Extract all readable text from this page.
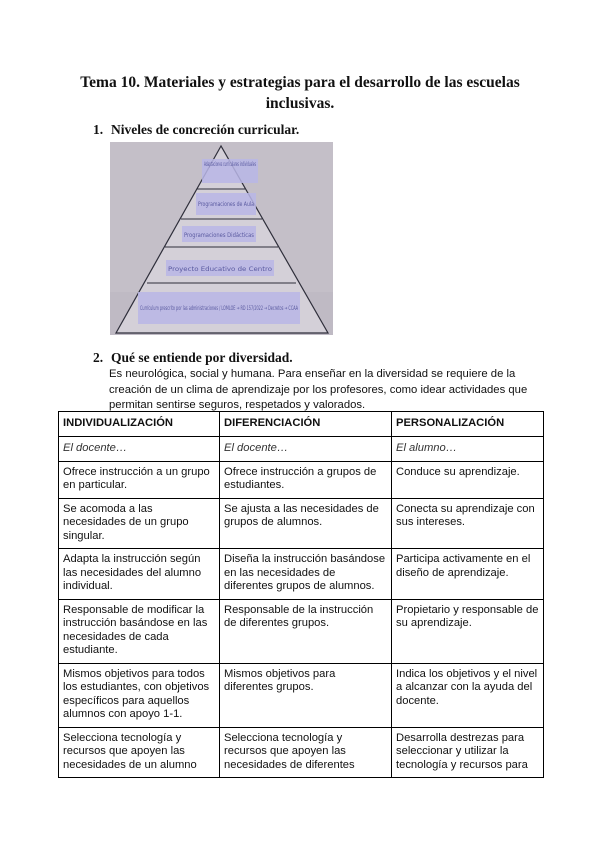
Tema 10. Materiales y estrategias para el desarrollo de las escuelas inclusivas.
1. Niveles de concreción curricular.
Adaptaciones curriculares individuales
Programaciones de Aula
Programaciones Didácticas
Proyecto Educativo de Centro
Currículum prescrito por las administraciones / LOMLOE → RD 157/2022 → Decretos → CCAA
2. Qué se entiende por diversidad.
Es neurológica, social y humana. Para enseñar en la diversidad se requiere de la creación de un clima de aprendizaje por los profesores, como idear actividades que permitan sentirse seguros, respetados y valorados.
INDIVIDUALIZACIÓN	DIFERENCIACIÓN	PERSONALIZACIÓN
El docente…	El docente…	El alumno…
Ofrece instrucción a un grupo en particular.	Ofrece instrucción a grupos de estudiantes.	Conduce su aprendizaje.
Se acomoda a las necesidades de un grupo singular.	Se ajusta a las necesidades de grupos de alumnos.	Conecta su aprendizaje con sus intereses.
Adapta la instrucción según las necesidades del alumno individual.	Diseña la instrucción basándose en las necesidades de diferentes grupos de alumnos.	Participa activamente en el diseño de aprendizaje.
Responsable de modificar la instrucción basándose en las necesidades de cada estudiante.	Responsable de la instrucción de diferentes grupos.	Propietario y responsable de su aprendizaje.
Mismos objetivos para todos los estudiantes, con objetivos específicos para aquellos alumnos con apoyo 1-1.	Mismos objetivos para diferentes grupos.	Indica los objetivos y el nivel a alcanzar con la ayuda del docente.
Selecciona tecnología y recursos que apoyen las necesidades de un alumno	Selecciona tecnología y recursos que apoyen las necesidades de diferentes	Desarrolla destrezas para seleccionar y utilizar la tecnología y recursos para
